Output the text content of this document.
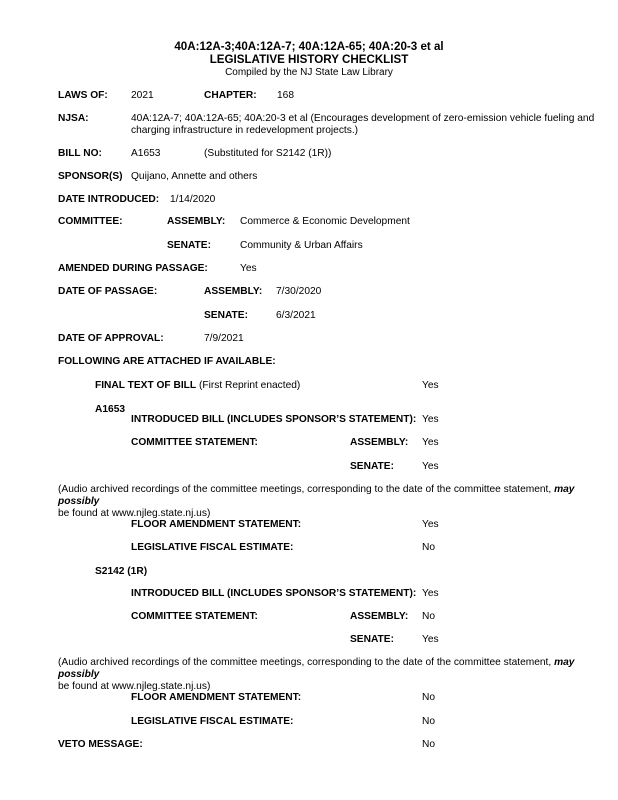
40A:12A-3;40A:12A-7; 40A:12A-65; 40A:20-3 et al
LEGISLATIVE HISTORY CHECKLIST
Compiled by the NJ State Law Library
LAWS OF: 2021	CHAPTER: 168
NJSA:	40A:12A-7; 40A:12A-65; 40A:20-3 et al (Encourages development of zero-emission vehicle fueling and
charging infrastructure in redevelopment projects.)
BILL NO:	A1653	(Substituted for S2142 (1R))
SPONSOR(S) Quijano, Annette and others
DATE INTRODUCED: 1/14/2020
COMMITTEE:	ASSEMBLY: Commerce & Economic Development
SENATE:	Community & Urban Affairs
AMENDED DURING PASSAGE:	Yes
DATE OF PASSAGE:	ASSEMBLY: 7/30/2020
SENATE:	6/3/2021
DATE OF APPROVAL:	7/9/2021
FOLLOWING ARE ATTACHED IF AVAILABLE:
FINAL TEXT OF BILL (First Reprint enacted)	Yes
A1653
INTRODUCED BILL (INCLUDES SPONSOR’S STATEMENT): Yes
COMMITTEE STATEMENT:	ASSEMBLY: Yes
SENATE:	Yes
(Audio archived recordings of the committee meetings, corresponding to the date of the committee statement, may possibly
be found at www.njleg.state.nj.us)
FLOOR AMENDMENT STATEMENT:	Yes
LEGISLATIVE FISCAL ESTIMATE:	No
S2142 (1R)
INTRODUCED BILL (INCLUDES SPONSOR’S STATEMENT): Yes
COMMITTEE STATEMENT:	ASSEMBLY: No
SENATE:	Yes
(Audio archived recordings of the committee meetings, corresponding to the date of the committee statement, may possibly
be found at www.njleg.state.nj.us)
FLOOR AMENDMENT STATEMENT:	No
LEGISLATIVE FISCAL ESTIMATE:	No
VETO MESSAGE:	No
